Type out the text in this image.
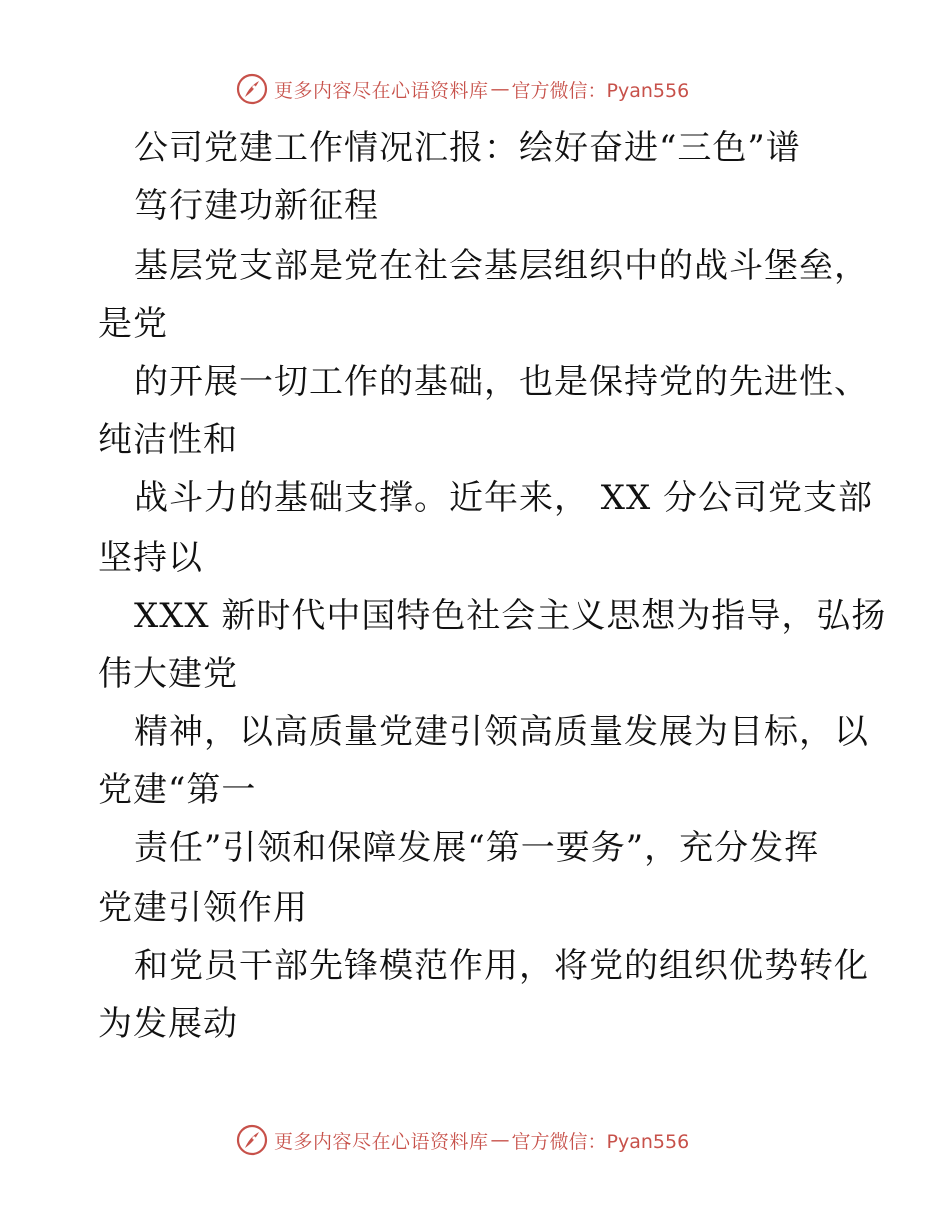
更多内容尽在心语资料库 — 官方微信：Pyan556
公司党建工作情况汇报：绘好奋进“三色”谱
笃行建功新征程
基层党支部是党在社会基层组织中的战斗堡垒，
是党
的开展一切工作的基础，也是保持党的先进性、
纯洁性和
战斗力的基础支撑。近年来， XX 分公司党支部
坚持以
XXX 新时代中国特色社会主义思想为指导，弘扬
伟大建党
精神，以高质量党建引领高质量发展为目标，以
党建“第一
责任”引领和保障发展“第一要务”，充分发挥
党建引领作用
和党员干部先锋模范作用，将党的组织优势转化
为发展动
更多内容尽在心语资料库 — 官方微信：Pyan556
